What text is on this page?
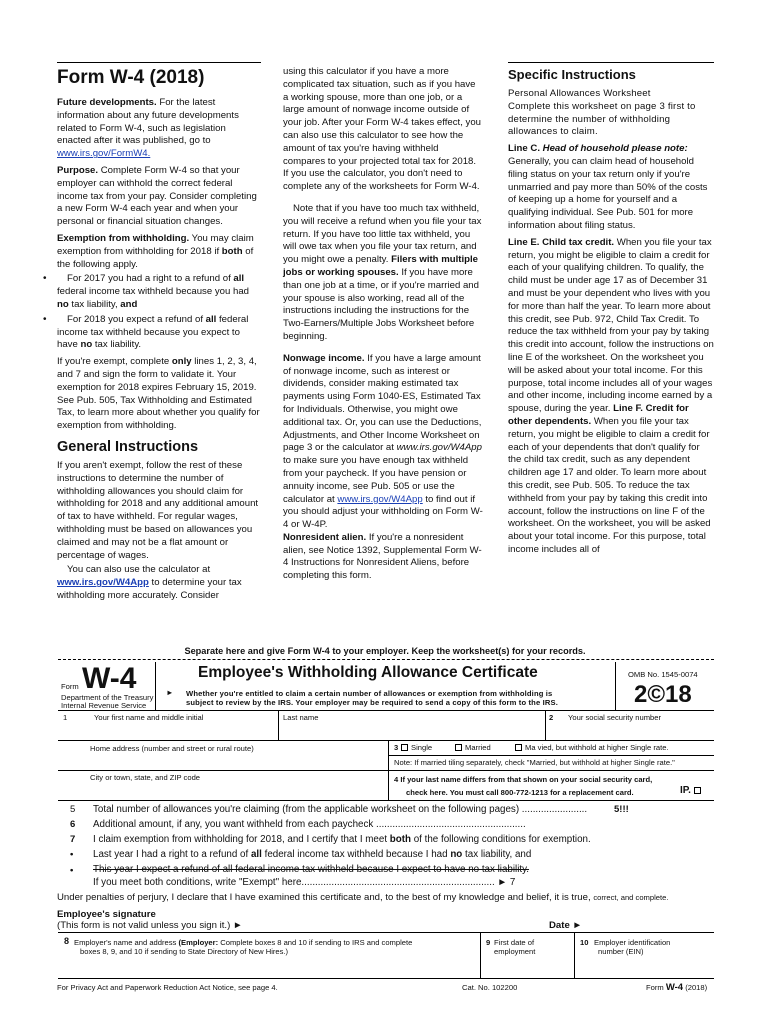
Form W-4 (2018)

Future developments. For the latest information about any future developments related to Form W-4, such as legislation enacted after it was published, go to www.irs.gov/FormW4.

Purpose. Complete Form W-4 so that your employer can withhold the correct federal income tax from your pay. Consider completing a new Form W-4 each year and when your personal or financial situation changes.

Exemption from withholding. You may claim exemption from withholding for 2018 if both of the following apply.

• For 2017 you had a right to a refund of all federal income tax withheld because you had no tax liability, and

• For 2018 you expect a refund of all federal income tax withheld because you expect to have no tax liability.

If you're exempt, complete only lines 1, 2, 3, 4, and 7 and sign the form to validate it. Your exemption for 2018 expires February 15, 2019. See Pub. 505, Tax Withholding and Estimated Tax, to learn more about whether you qualify for exemption from withholding.

General Instructions

If you aren't exempt, follow the rest of these instructions to determine the number of withholding allowances you should claim for withholding for 2018 and any additional amount of tax to have withheld. For regular wages, withholding must be based on allowances you claimed and may not be a flat amount or percentage of wages.

You can also use the calculator at www.irs.gov/W4App to determine your tax withholding more accurately. Consider

using this calculator if you have a more complicated tax situation, such as if you have a working spouse, more than one job, or a large amount of nonwage income outside of your job. After your Form W-4 takes effect, you can also use this calculator to see how the amount of tax you're having withheld compares to your projected total tax for 2018. If you use the calculator, you don't need to complete any of the worksheets for Form W-4.

Note that if you have too much tax withheld, you will receive a refund when you file your tax return. If you have too little tax withheld, you will owe tax when you file your tax return, and you might owe a penalty. Filers with multiple jobs or working spouses. If you have more than one job at a time, or if you're married and your spouse is also working, read all of the instructions including the instructions for the Two-Earners/Multiple Jobs Worksheet before beginning.

Nonwage income. If you have a large amount of nonwage income, such as interest or dividends, consider making estimated tax payments using Form 1040-ES, Estimated Tax for Individuals. Otherwise, you might owe additional tax. Or, you can use the Deductions, Adjustments, and Other Income Worksheet on page 3 or the calculator at www.irs.gov/W4App to make sure you have enough tax withheld from your paycheck. If you have pension or annuity income, see Pub. 505 or use the calculator at www.irs.gov/W4App to find out if you should adjust your withholding on Form W-4 or W-4P.

Nonresident alien. If you're a nonresident alien, see Notice 1392, Supplemental Form W-4 Instructions for Nonresident Aliens, before completing this form.

Specific Instructions

Personal Allowances Worksheet
Complete this worksheet on page 3 first to determine the number of withholding allowances to claim.

Line C. Head of household please note: Generally, you can claim head of household filing status on your tax return only if you're unmarried and pay more than 50% of the costs of keeping up a home for yourself and a qualifying individual. See Pub. 501 for more information about filing status.

Line E. Child tax credit. When you file your tax return, you might be eligible to claim a credit for each of your qualifying children. To qualify, the child must be under age 17 as of December 31 and must be your dependent who lives with you for more than half the year. To learn more about this credit, see Pub. 972, Child Tax Credit. To reduce the tax withheld from your pay by taking this credit into account, follow the instructions on line E of the worksheet. On the worksheet you will be asked about your total income. For this purpose, total income includes all of your wages and other income, including income earned by a spouse, during the year. Line F. Credit for other dependents. When you file your tax return, you might be eligible to claim a credit for each of your dependents that don't qualify for the child tax credit, such as any dependent children age 17 and older. To learn more about this credit, see Pub. 505. To reduce the tax withheld from your pay by taking this credit into account, follow the instructions on line F of the worksheet. On the worksheet, you will be asked about your total income. For this purpose, total income includes all of

Separate here and give Form W-4 to your employer. Keep the worksheet(s) for your records.
Form W-4
Department of the Treasury
Internal Revenue Service
Employee's Withholding Allowance Certificate
► Whether you're entitled to claim a certain number of allowances or exemption from withholding is
subject to review by the IRS. Your employer may be required to send a copy of this form to the IRS.
OMB No. 1545-0074
2©18
1	Your first name and middle initial	Last name	2 Your social security number
Home address (number and street or rural route)	3	Single	Married	Ma vied, but withhold at higher Single rate.
Note: If married tiling separately, check "Married, but withhold at higher Single rate."
City or town, state, and ZIP code	4 If your last name differs from that shown on your social security card,
check here. You must call 800-772-1213 for a replacement card.	IP.
5 Total number of allowances you're claiming (from the applicable worksheet on the following pages) ........................	5!!!
6 Additional amount, if any, you want withheld from each paycheck .......................................................
7 I claim exemption from withholding for 2018, and I certify that I meet both of the following conditions for exemption.
• Last year I had a right to a refund of all federal income tax withheld because I had no tax liability, and
• This year I expect a refund of all federal income tax withheld because I expect to have no tax liability.
If you meet both conditions, write "Exempt" here....................................................................... ► 7
Under penalties of perjury, I declare that I have examined this certificate and, to the best of my knowledge and belief, it is true, correct, and complete.
Employee's signature
(This form is not valid unless you sign it.) ►	Date ►
8 Employer's name and address (Employer: Complete boxes 8 and 10 if sending to IRS and complete
boxes 8, 9, and 10 if sending to State Directory of New Hires.)
9 First date of
employment
10 Employer identification
number (EIN)
For Privacy Act and Paperwork Reduction Act Notice, see page 4.	Cat. No. 102200	Form W-4 (2018)
